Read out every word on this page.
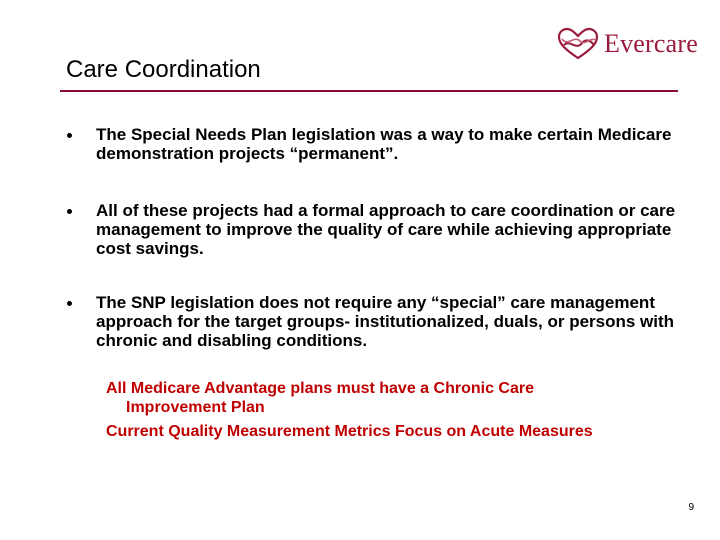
Evercare
Care Coordination
The Special Needs Plan legislation was a way to make certain Medicare demonstration projects “permanent”.
All of these projects had a formal approach to care coordination or care management to improve the quality of care while achieving appropriate cost savings.
The SNP legislation does not require any “special” care management approach for the target groups- institutionalized, duals, or persons with chronic and disabling conditions.
All Medicare Advantage plans must have a Chronic Care
Improvement Plan
Current Quality Measurement Metrics Focus on Acute Measures
9
